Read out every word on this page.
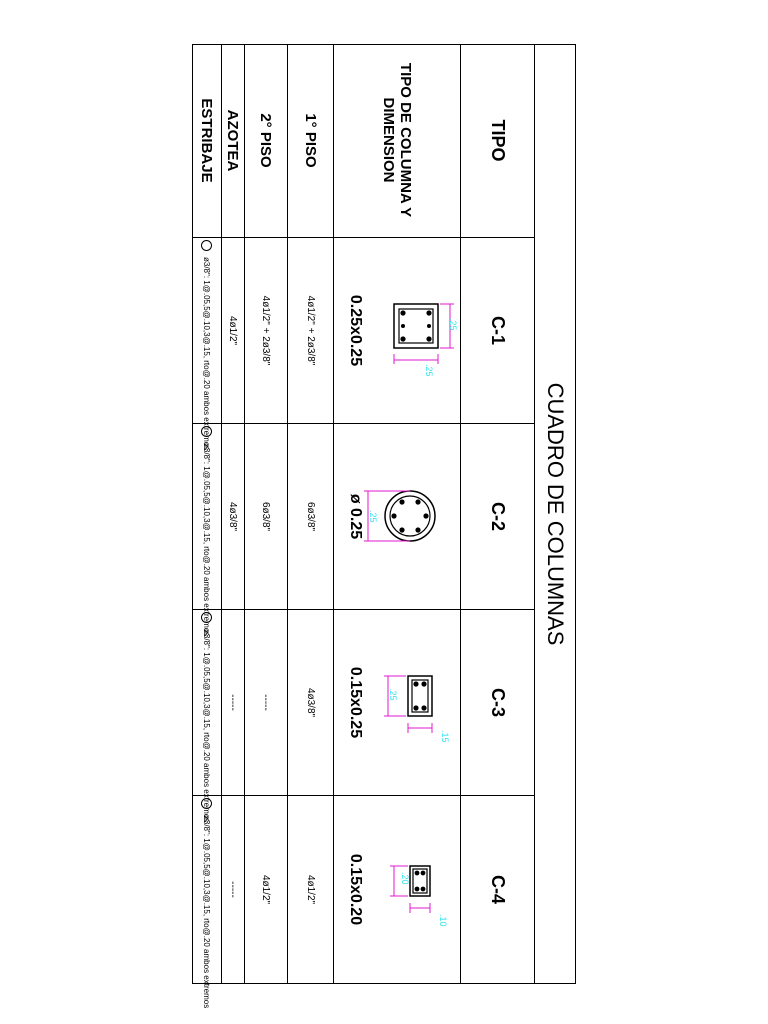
CUADRO DE COLUMNAS
TIPO
TIPO DE COLUMNA Y DIMENSION
1° PISO
2° PISO
AZOTEA
ESTRIBAJE
C-1
.25
.25
0.25x0.25
4ø1/2" + 2ø3/8"
4ø1/2" + 2ø3/8"
4ø1/2"
ø3/8": 1@.05,5@.10,3@.15, rto@.20 ambos extremos
C-2
.25
ø 0.25
6ø3/8"
6ø3/8"
4ø3/8"
ø3/8": 1@.05,5@.10,3@.15, rto@.20 ambos extremos
C-3
.25
.15
0.15x0.25
4ø3/8"
-----
-----
ø3/8": 1@.05,5@.10,3@.15, rto@.20 ambos extremos
C-4
.20
.10
0.15x0.20
4ø1/2"
4ø1/2"
-----
ø3/8": 1@.05,5@.10,3@.15, rto@.20 ambos extremos
